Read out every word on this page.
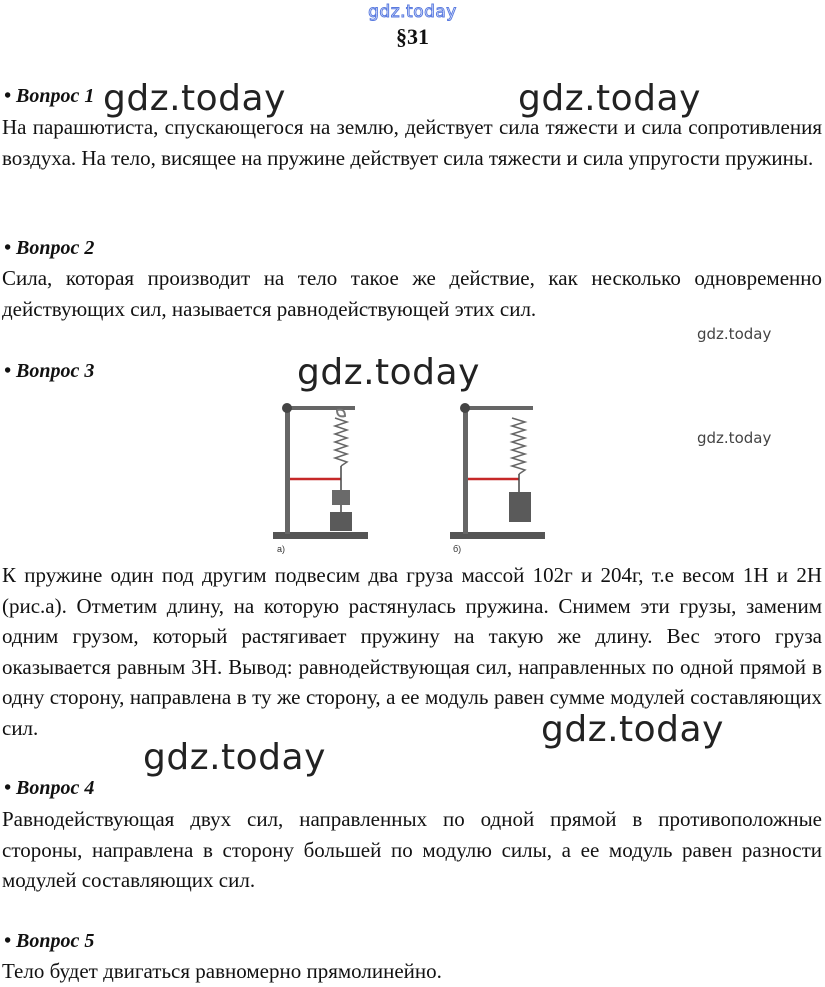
gdz.today
§31
• Вопрос 1
На парашютиста, спускающегося на землю, действует сила тяжести и сила сопротивления воздуха. На тело, висящее на пружине действует сила тяжести и сила упругости пружины.
• Вопрос 2
Сила, которая производит на тело такое же действие, как несколько одновременно действующих сил, называется равнодействующей этих сил.
• Вопрос 3
а)	б)
К пружине один под другим подвесим два груза массой 102г и 204г, т.е весом 1Н и 2Н (рис.а). Отметим длину, на которую растянулась пружина. Снимем эти грузы, заменим одним грузом, который растягивает пружину на такую же длину. Вес этого груза оказывается равным 3Н. Вывод: равнодействующая сил, направленных по одной прямой в одну сторону, направлена в ту же сторону, а ее модуль равен сумме модулей составляющих сил.
• Вопрос 4
Равнодействующая двух сил, направленных по одной прямой в противоположные стороны, направлена в сторону большей по модулю силы, а ее модуль равен разности модулей составляющих сил.
• Вопрос 5
Тело будет двигаться равномерно прямолинейно.
gdz.today	gdz.today
gdz.today
gdz.today
gdz.today
gdz.today
gdz.today
